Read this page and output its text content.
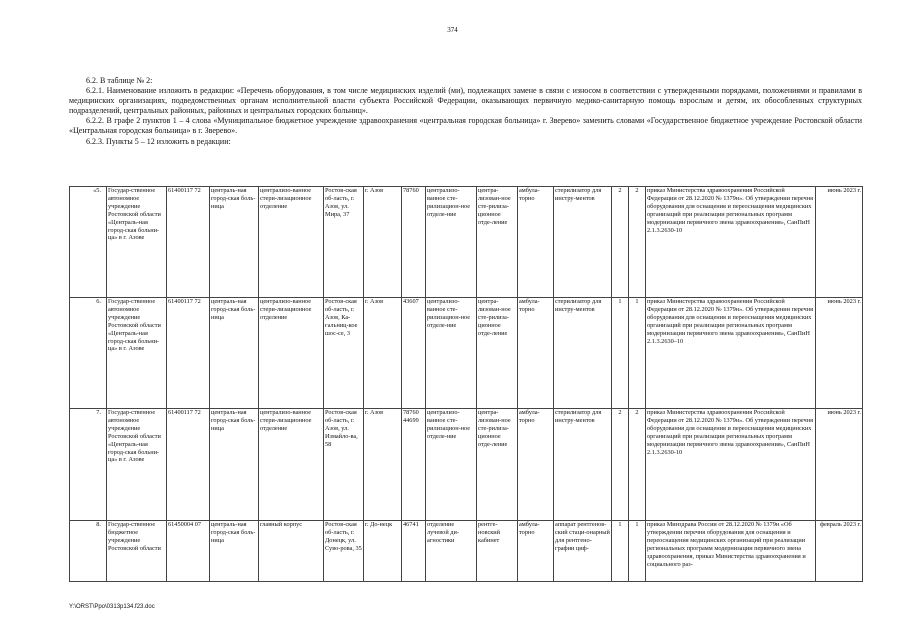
374

6.2. В таблице № 2:

6.2.1. Наименование изложить в редакции: «Перечень оборудования, в том числе медицинских изделий (ми), подлежащих замене в связи с износом в соответствии с утвержденными порядками, положениями и правилами в медицинских организациях, подведомственных органам исполнительной власти субъекта Российской Федерации, оказывающих первичную медико-санитарную помощь взрослым и детям, их обособленных структурных подразделений, центральных районных, районных и центральных городских больниц».

6.2.2. В графе 2 пунктов 1 – 4 слова «Муниципальное бюджетное учреждение здравоохранения «центральная городская больница» г. Зверево» заменить словами «Государственное бюджетное учреждение Ростовской области «Центральная городская больница» в г. Зверево».

6.2.3. Пункты 5 – 12 изложить в редакции:

«5.	Государ-ственное автономное учреждение Ростовской области «Централь-ная город-ская больни-ца» в г. Азове	61400117 72	централь-ная город-ская боль-ница	централизо-ванное стери-лизационное отделение	Ростов-ская об-ласть, г. Азов, ул. Мира, 37	г. Азов	78760	централизо-ванное сте-рилизацион-ное отделе-ние	центра-лизован-ное сте-рилиза-ционное отде-ление	амбула-торно	стерилизатор для инстру-ментов	2	2	приказ Министерства здравоохранения Российской Федерации от 28.12.2020 № 1379н». Об утверждении перечня оборудования для оснащения и переоснащения медицинских организаций при реализации региональных программ модернизации первичного звена здравоохранения», СанПиН 2.1.3.2630-10	июнь 2023 г.
6.	Государ-ственное автономное учреждение Ростовской области «Централь-ная город-ская больни-ца» в г. Азове	61400117 72	централь-ная город-ская боль-ница	централизо-ванное стери-лизационное отделение	Ростов-ская об-ласть, г. Азов, Ка-гальниц-кое шос-се, 3	г. Азов	43607	централизо-ванное сте-рилизацион-ное отделе-ние	центра-лизован-ное сте-рилиза-ционное отде-ление	амбула-торно	стерилизатор для инстру-ментов	1	1	приказ Министерства здравоохранения Российской Федерации от 28.12.2020 № 1379н». Об утверждении перечня оборудования для оснащения и переоснащения медицинских организаций при реализации региональных программ модернизации первичного звена здравоохранения», СанПиН 2.1.3.2630–10	июнь 2023 г.
7.	Государ-ственное автономное учреждение Ростовской области «Централь-ная город-ская больни-ца» в г. Азове	61400117 72	централь-ная город-ская боль-ница	централизо-ванное стери-лизационное отделение	Ростов-ская об-ласть, г. Азов, ул. Измайло-ва, 58	г. Азов	78760 44699	централизо-ванное сте-рилизацион-ное отделе-ние	центра-лизован-ное сте-рилиза-ционное отде-ление	амбула-торно	стерилизатор для инстру-ментов	2	2	приказ Министерства здравоохранения Российской Федерации от 28.12.2020 № 1379н». Об утверждении перечня оборудования для оснащения и переоснащения медицинских организаций при реализации региональных программ модернизации первичного звена здравоохранения», СанПиН 2.1.3.2630-10	июнь 2023 г.
8.	Государ-ственное бюджетное учреждение Ростовской области	61450004 07	централь-ная город-ская боль-ница	главный корпус	Ростов-ская об-ласть, г. Донецк, ул. Суво-рова, 35	г. До-нецк	46741	отделение лучевой ди-агностики	рентге-новский кабинет	амбула-торно	аппарат рентгенов-ский стаци-онарный для рентгено-графии циф-	1	1	приказ Минздрава России от 28.12.2020 № 1379н «Об утверждении перечня оборудования для оснащения и переоснащения медицинских организаций при реализации региональных программ модернизации первичного звена здравоохранения, приказ Министерства здравоохранения и социального раз-	февраль 2023 г.
Y:\ORST\Ppo\0313p134.f23.doc
